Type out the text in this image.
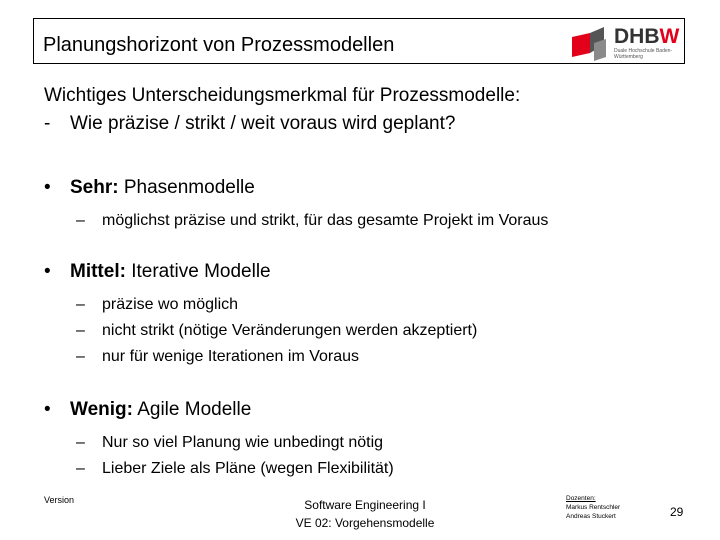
Planungshorizont von Prozessmodellen	DHBW
Duale Hochschule Baden-Württemberg
Wichtiges Unterscheidungsmerkmal für Prozessmodelle:
- Wie präzise / strikt / weit voraus wird geplant?
• Sehr: Phasenmodelle
– möglichst präzise und strikt, für das gesamte Projekt im Voraus
• Mittel: Iterative Modelle
– präzise wo möglich
– nicht strikt (nötige Veränderungen werden akzeptiert)
– nur für wenige Iterationen im Voraus
• Wenig: Agile Modelle
– Nur so viel Planung wie unbedingt nötig
– Lieber Ziele als Pläne (wegen Flexibilität)
Version	Software Engineering I
VE 02: Vorgehensmodelle
Dozenten:
Markus Rentschler
Andreas Stuckert	29
